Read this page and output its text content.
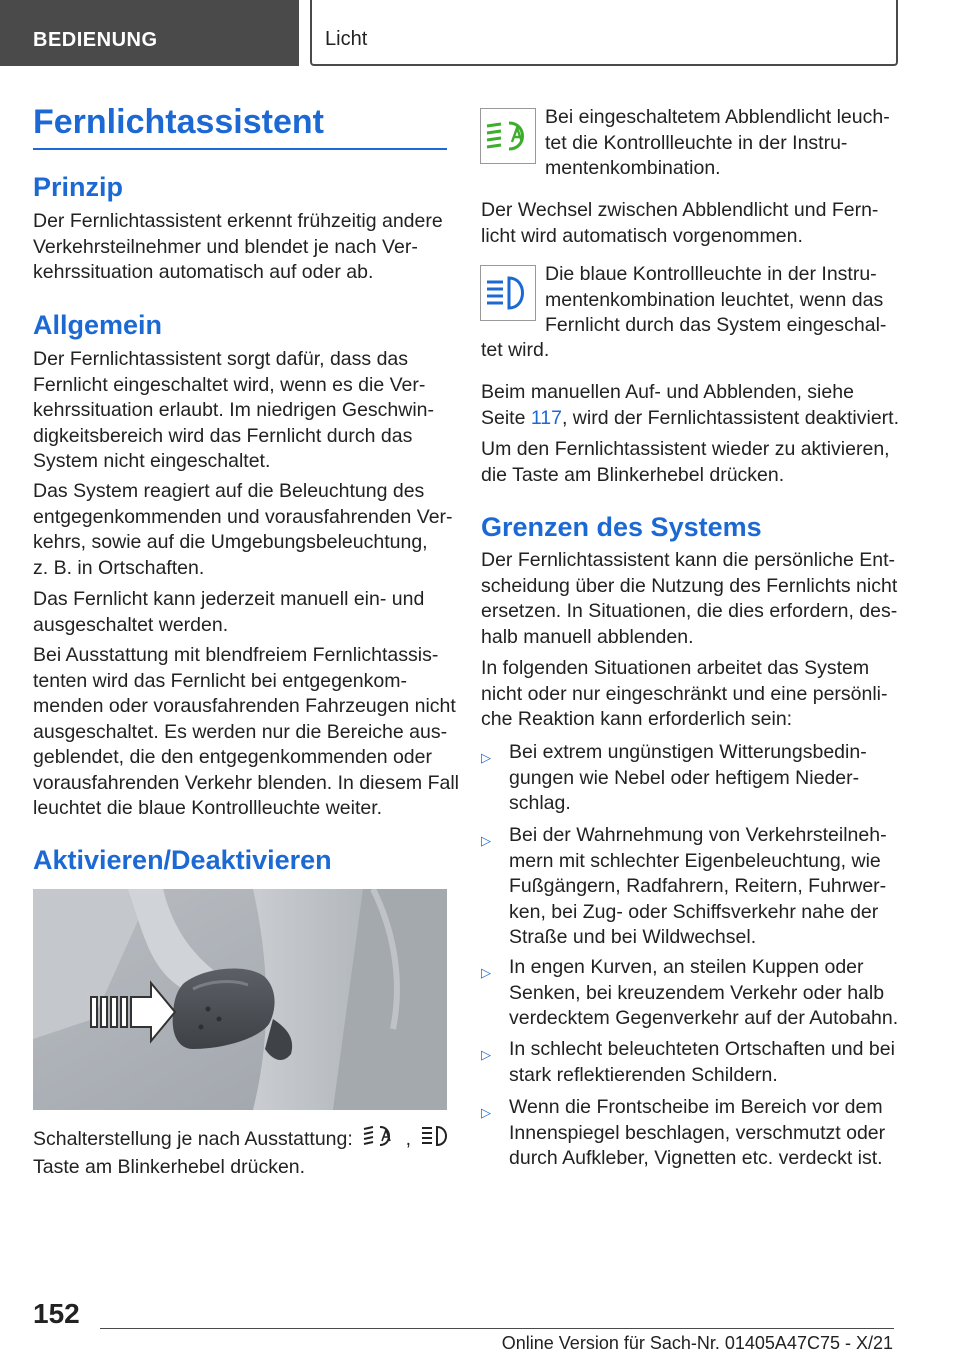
BEDIENUNG	Licht
Fernlichtassistent
Prinzip
Der Fernlichtassistent erkennt frühzeitig andere
Verkehrsteilnehmer und blendet je nach Ver‐
kehrssituation automatisch auf oder ab.
Allgemein
Der Fernlichtassistent sorgt dafür, dass das
Fernlicht eingeschaltet wird, wenn es die Ver‐
kehrssituation erlaubt. Im niedrigen Geschwin‐
digkeitsbereich wird das Fernlicht durch das
System nicht eingeschaltet.
Das System reagiert auf die Beleuchtung des
entgegenkommenden und vorausfahrenden Ver‐
kehrs, sowie auf die Umgebungsbeleuchtung,
z. B. in Ortschaften.
Das Fernlicht kann jederzeit manuell ein- und
ausgeschaltet werden.
Bei Ausstattung mit blendfreiem Fernlichtassis‐
tenten wird das Fernlicht bei entgegenkom‐
menden oder vorausfahrenden Fahrzeugen nicht
ausgeschaltet. Es werden nur die Bereiche aus‐
geblendet, die den entgegenkommenden oder
vorausfahrenden Verkehr blenden. In diesem Fall
leuchtet die blaue Kontrollleuchte weiter.
Aktivieren/Deaktivieren
Schalterstellung je nach Ausstattung:	,
Taste am Blinkerhebel drücken.
Bei eingeschaltetem Abblendlicht leuch‐
tet die Kontrollleuchte in der Instru‐
mentenkombination.
Der Wechsel zwischen Abblendlicht und Fern‐
licht wird automatisch vorgenommen.
Die blaue Kontrollleuchte in der Instru‐
mentenkombination leuchtet, wenn das
Fernlicht durch das System eingeschal‐
tet wird.
Beim manuellen Auf- und Abblenden, siehe
Seite 117, wird der Fernlichtassistent deaktiviert.
Um den Fernlichtassistent wieder zu aktivieren,
die Taste am Blinkerhebel drücken.
Grenzen des Systems
Der Fernlichtassistent kann die persönliche Ent‐
scheidung über die Nutzung des Fernlichts nicht
ersetzen. In Situationen, die dies erfordern, des‐
halb manuell abblenden.
In folgenden Situationen arbeitet das System
nicht oder nur eingeschränkt und eine persönli‐
che Reaktion kann erforderlich sein:
▷ Bei extrem ungünstigen Witterungsbedin‐
gungen wie Nebel oder heftigem Nieder‐
schlag.
▷ Bei der Wahrnehmung von Verkehrsteilneh‐
mern mit schlechter Eigenbeleuchtung, wie
Fußgängern, Radfahrern, Reitern, Fuhrwer‐
ken, bei Zug- oder Schiffsverkehr nahe der
Straße und bei Wildwechsel.
▷ In engen Kurven, an steilen Kuppen oder
Senken, bei kreuzendem Verkehr oder halb
verdecktem Gegenverkehr auf der Autobahn.
▷ In schlecht beleuchteten Ortschaften und bei
stark reflektierenden Schildern.
▷ Wenn die Frontscheibe im Bereich vor dem
Innenspiegel beschlagen, verschmutzt oder
durch Aufkleber, Vignetten etc. verdeckt ist.
152
Online Version für Sach-Nr. 01405A47C75 - X/21
